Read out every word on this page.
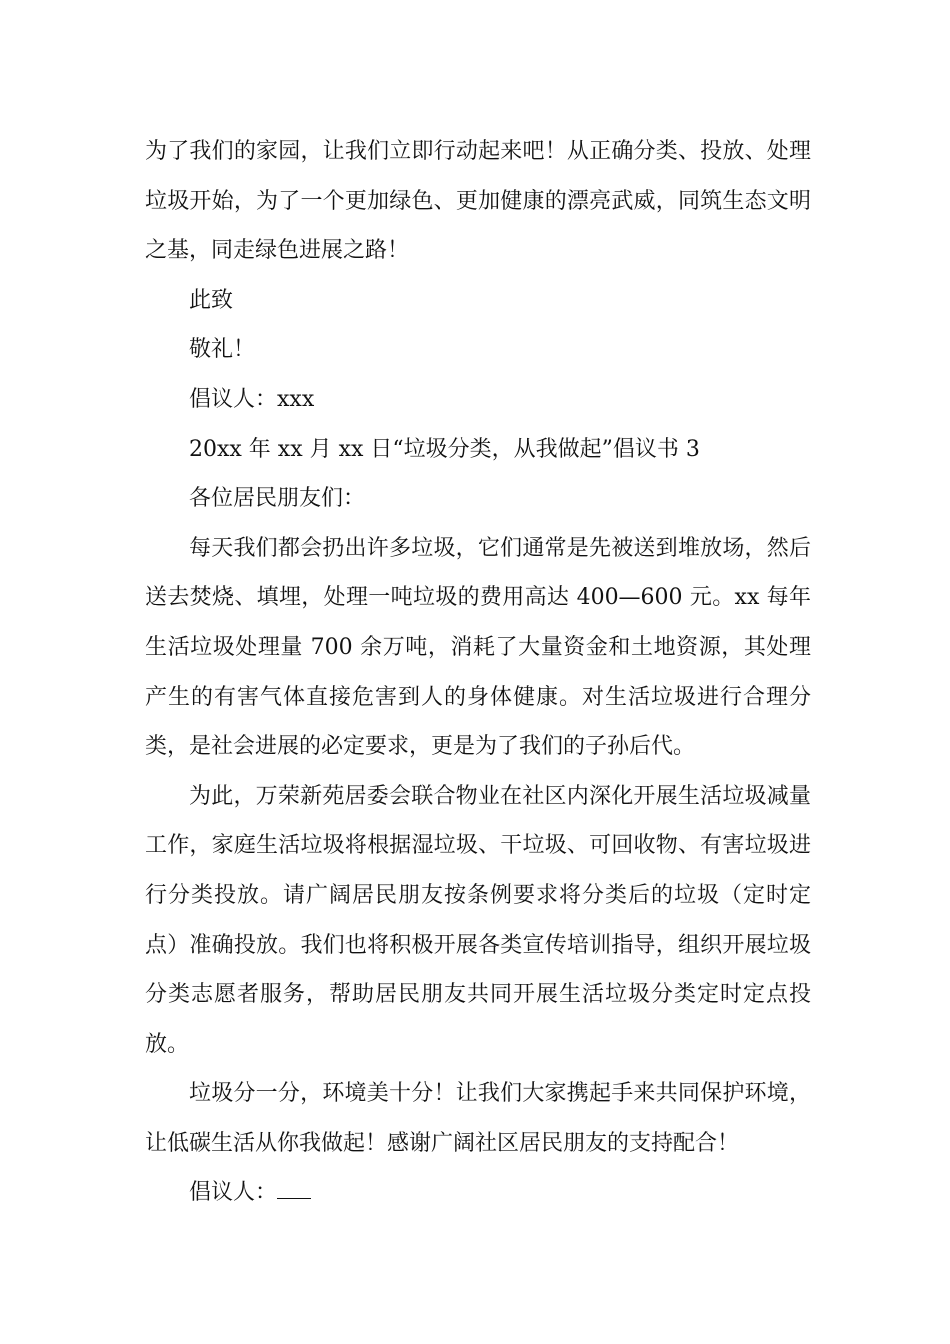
为了我们的家园，让我们立即行动起来吧！从正确分类、投放、处理垃圾开始，为了一个更加绿色、更加健康的漂亮武威，同筑生态文明之基，同走绿色进展之路！

此致

敬礼！

倡议人：xxx

20xx 年 xx 月 xx 日“垃圾分类，从我做起”倡议书 3

各位居民朋友们：

每天我们都会扔出许多垃圾，它们通常是先被送到堆放场，然后送去焚烧、填埋，处理一吨垃圾的费用高达 400—600 元。xx 每年生活垃圾处理量 700 余万吨，消耗了大量资金和土地资源，其处理产生的有害气体直接危害到人的身体健康。对生活垃圾进行合理分类，是社会进展的必定要求，更是为了我们的子孙后代。

为此，万荣新苑居委会联合物业在社区内深化开展生活垃圾减量工作，家庭生活垃圾将根据湿垃圾、干垃圾、可回收物、有害垃圾进行分类投放。请广阔居民朋友按条例要求将分类后的垃圾（定时定点）准确投放。我们也将积极开展各类宣传培训指导，组织开展垃圾分类志愿者服务，帮助居民朋友共同开展生活垃圾分类定时定点投放。

垃圾分一分，环境美十分！让我们大家携起手来共同保护环境，让低碳生活从你我做起！感谢广阔社区居民朋友的支持配合！

倡议人：
